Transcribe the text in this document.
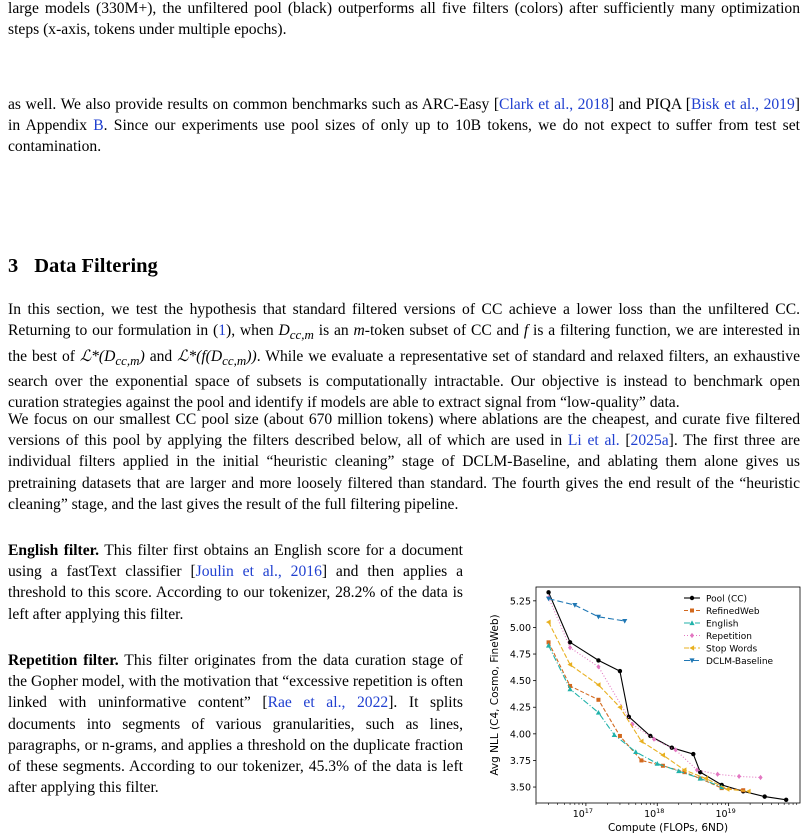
large models (330M+), the unfiltered pool (black) outperforms all five filters (colors) after sufficiently many optimization steps (x-axis, tokens under multiple epochs).

as well. We also provide results on common benchmarks such as ARC-Easy [Clark et al., 2018] and PIQA [Bisk et al., 2019] in Appendix B. Since our experiments use pool sizes of only up to 10B tokens, we do not expect to suffer from test set contamination.

3 Data Filtering

In this section, we test the hypothesis that standard filtered versions of CC achieve a lower loss than the unfiltered CC. Returning to our formulation in (1), when $D_{cc,m}$ is an m-token subset of CC and f is a filtering function, we are interested in the best of $ℒ*(D_{cc,m})$ and $ℒ*(f(D_{cc,m}))$. While we evaluate a representative set of standard and relaxed filters, an exhaustive search over the exponential space of subsets is computationally intractable. Our objective is instead to benchmark open curation strategies against the pool and identify if models are able to extract signal from “low-quality” data.

We focus on our smallest CC pool size (about 670 million tokens) where ablations are the cheapest, and curate five filtered versions of this pool by applying the filters described below, all of which are used in Li et al. [2025a]. The first three are individual filters applied in the initial “heuristic cleaning” stage of DCLM-Baseline, and ablating them alone gives us pretraining datasets that are larger and more loosely filtered than standard. The fourth gives the end result of the “heuristic cleaning” stage, and the last gives the result of the full filtering pipeline.

English filter. This filter first obtains an English score for a document using a fastText classifier [Joulin et al., 2016] and then applies a threshold to this score. According to our tokenizer, 28.2% of the data is left after applying this filter.

Repetition filter. This filter originates from the data curation stage of the Gopher model, with the motivation that “excessive repetition is often linked with uninformative content” [Rae et al., 2022]. It splits documents into segments of various granularities, such as lines, paragraphs, or n-grams, and applies a threshold on the duplicate fraction of these segments. According to our tokenizer, 45.3% of the data is left after applying this filter.	3.50
3.75
4.00
4.25
4.50
4.75
5.00
5.25
$10^{17}$	$10^{18}$	$10^{19}$
Compute (FLOPs, 6ND)
Avg NLL (C4, Cosmo, FineWeb)
Pool (CC)
RefinedWeb
English
Repetition
Stop Words
DCLM-Baseline
